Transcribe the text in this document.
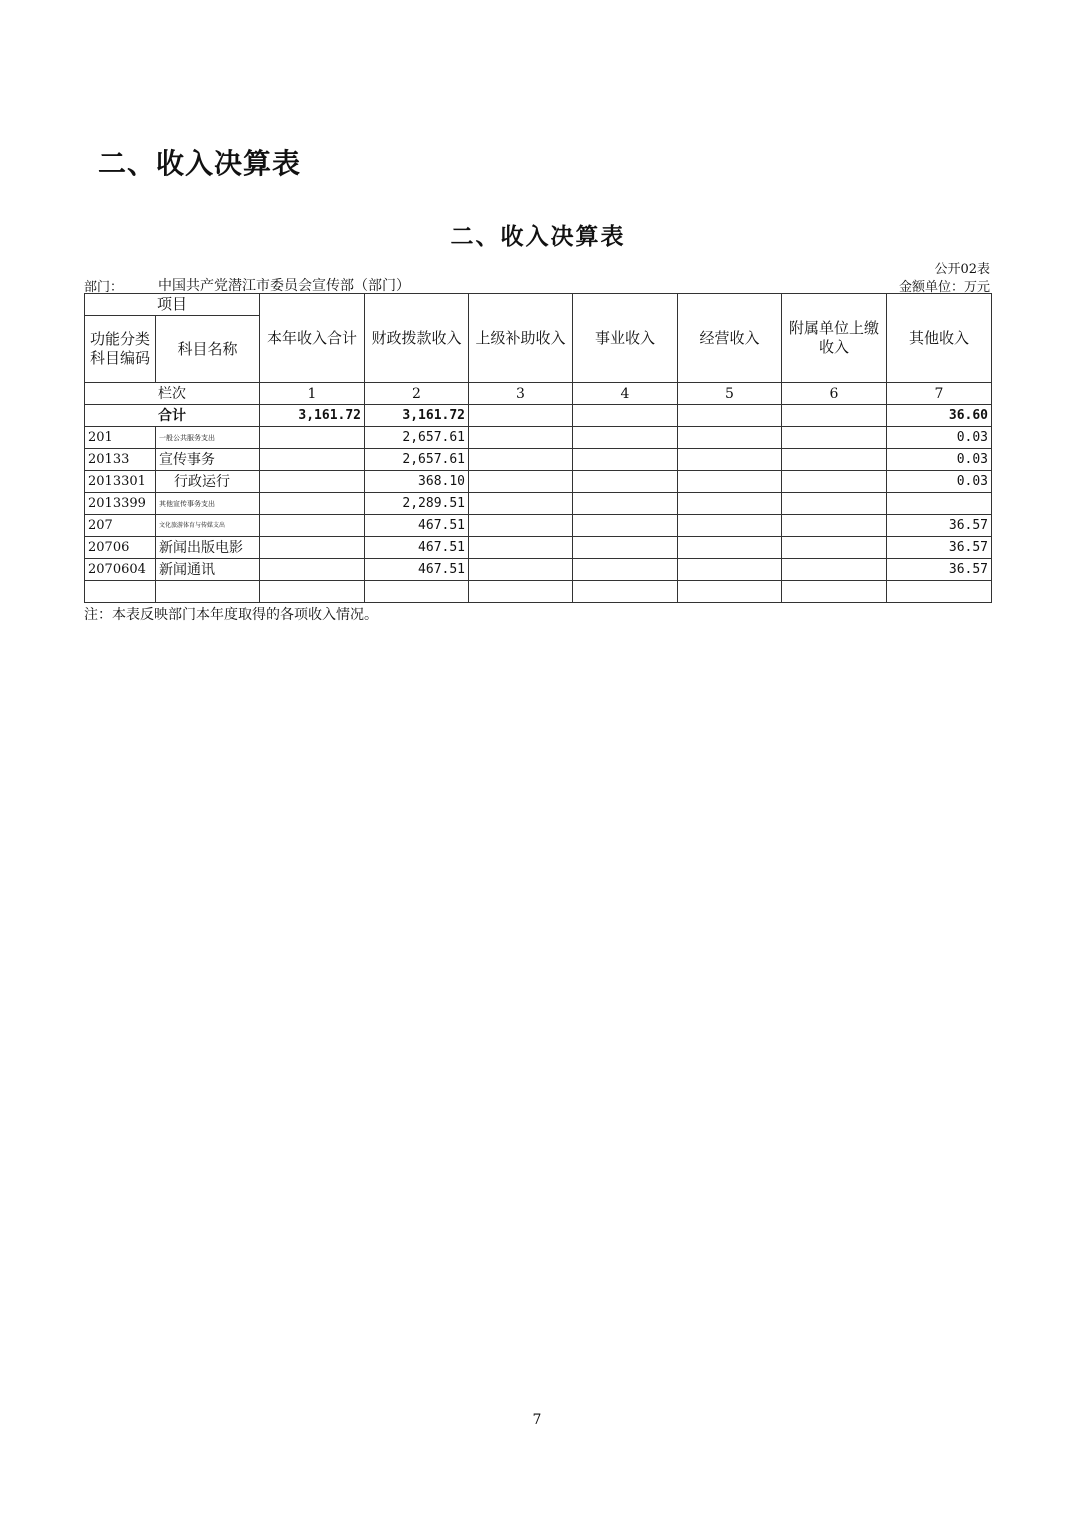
二、收入决算表
二、收入决算表
公开02表
部门： 中国共产党潜江市委员会宣传部（部门）	金额单位：万元
项目		本年收入合计	财政拨款收入	上级补助收入	事业收入	经营收入	附属单位上缴收入	其他收入
功能分类科目编码	科目名称							
栏次		1	2	3	4	5	6	7
合计		3,161.72	3,161.72					36.60
201	一般公共服务支出		2,657.61					0.03
20133	宣传事务		2,657.61					0.03
2013301	行政运行		368.10					0.03
2013399	其他宣传事务支出		2,289.51					
207	文化旅游体育与传媒支出		467.51					36.57
20706	新闻出版电影		467.51					36.57
2070604	新闻通讯		467.51					36.57

注：本表反映部门本年度取得的各项收入情况。
7
